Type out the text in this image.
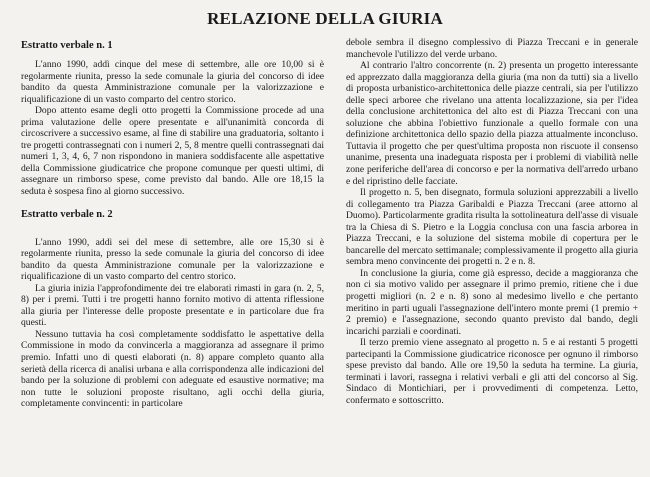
RELAZIONE DELLA GIURIA

Estratto verbale n. 1

L'anno 1990, addì cinque del mese di settembre, alle ore 10,00 si è regolarmente riunita, presso la sede comunale la giuria del concorso di idee bandito da questa Amministrazione comunale per la valorizzazione e riqualificazione di un vasto comparto del centro storico.

Dopo attento esame degli otto progetti la Commissione procede ad una prima valutazione delle opere presentate e all'unanimità concorda di circoscrivere a successivo esame, al fine di stabilire una graduatoria, soltanto i tre progetti contrassegnati con i numeri 2, 5, 8 mentre quelli contrassegnati dai numeri 1, 3, 4, 6, 7 non rispondono in maniera soddisfacente alle aspettative della Commissione giudicatrice che propone comunque per questi ultimi, di assegnare un rimborso spese, come previsto dal bando. Alle ore 18,15 la seduta è sospesa fino al giorno successivo.

Estratto verbale n. 2

L'anno 1990, addì sei del mese di settembre, alle ore 15,30 si è regolarmente riunita, presso la sede comunale la giuria del concorso di idee bandito da questa Amministrazione comunale per la valorizzazione e riqualificazione di un vasto comparto del centro storico.

La giuria inizia l'approfondimente dei tre elaborati rimasti in gara (n. 2, 5, 8) per i premi. Tutti i tre progetti hanno fornito motivo di attenta riflessione alla giuria per l'interesse delle proposte presentate e in particolare due fra questi.

Nessuno tuttavia ha così completamente soddisfatto le aspettative della Commissione in modo da convincerla a maggioranza ad assegnare il primo premio. Infatti uno di questi elaborati (n. 8) appare completo quanto alla serietà della ricerca di analisi urbana e alla corrispondenza alle indicazioni del bando per la soluzione di problemi con adeguate ed esaustive normative; ma non tutte le soluzioni proposte risultano, agli occhi della giuria, completamente convincenti: in particolare

debole sembra il disegno complessivo di Piazza Treccani e in generale manchevole l'utilizzo del verde urbano.

Al contrario l'altro concorrente (n. 2) presenta un progetto interessante ed apprezzato dalla maggioranza della giuria (ma non da tutti) sia a livello di proposta urbanistico-architettonica delle piazze centrali, sia per l'utilizzo delle speci arboree che rivelano una attenta localizzazione, sia per l'idea della conclusione architettonica del alto est di Piazza Treccani con una soluzione che abbina l'obiettivo funzionale a quello formale con una definizione architettonica dello spazio della piazza attualmente inconcluso. Tuttavia il progetto che per quest'ultima proposta non riscuote il consenso unanime, presenta una inadeguata risposta per i problemi di viabilità nelle zone periferiche dell'area di concorso e per la normativa dell'arredo urbano e del ripristino delle facciate.

Il progetto n. 5, ben disegnato, formula soluzioni apprezzabili a livello di collegamento tra Piazza Garibaldi e Piazza Treccani (aree attorno al Duomo). Particolarmente gradita risulta la sottolineatura dell'asse di visuale tra la Chiesa di S. Pietro e la Loggia conclusa con una fascia arborea in Piazza Treccani, e la soluzione del sistema mobile di copertura per le bancarelle del mercato settimanale; complessivamente il progetto alla giuria sembra meno convincente dei progetti n. 2 e n. 8.

In conclusione la giuria, come già espresso, decide a maggioranza che non ci sia motivo valido per assegnare il primo premio, ritiene che i due progetti migliori (n. 2 e n. 8) sono al medesimo livello e che pertanto meritino in parti uguali l'assegnazione dell'intero monte premi (1 premio + 2 premio) e l'assegnazione, secondo quanto previsto dal bando, degli incarichi parziali e coordinati.

Il terzo premio viene assegnato al progetto n. 5 e ai restanti 5 progetti partecipanti la Commissione giudicatrice riconosce per ognuno il rimborso spese previsto dal bando. Alle ore 19,50 la seduta ha termine. La giuria, terminati i lavori, rassegna i relativi verbali e gli atti del concorso al Sig. Sindaco di Montichiari, per i provvedimenti di competenza. Letto, confermato e sottoscritto.
